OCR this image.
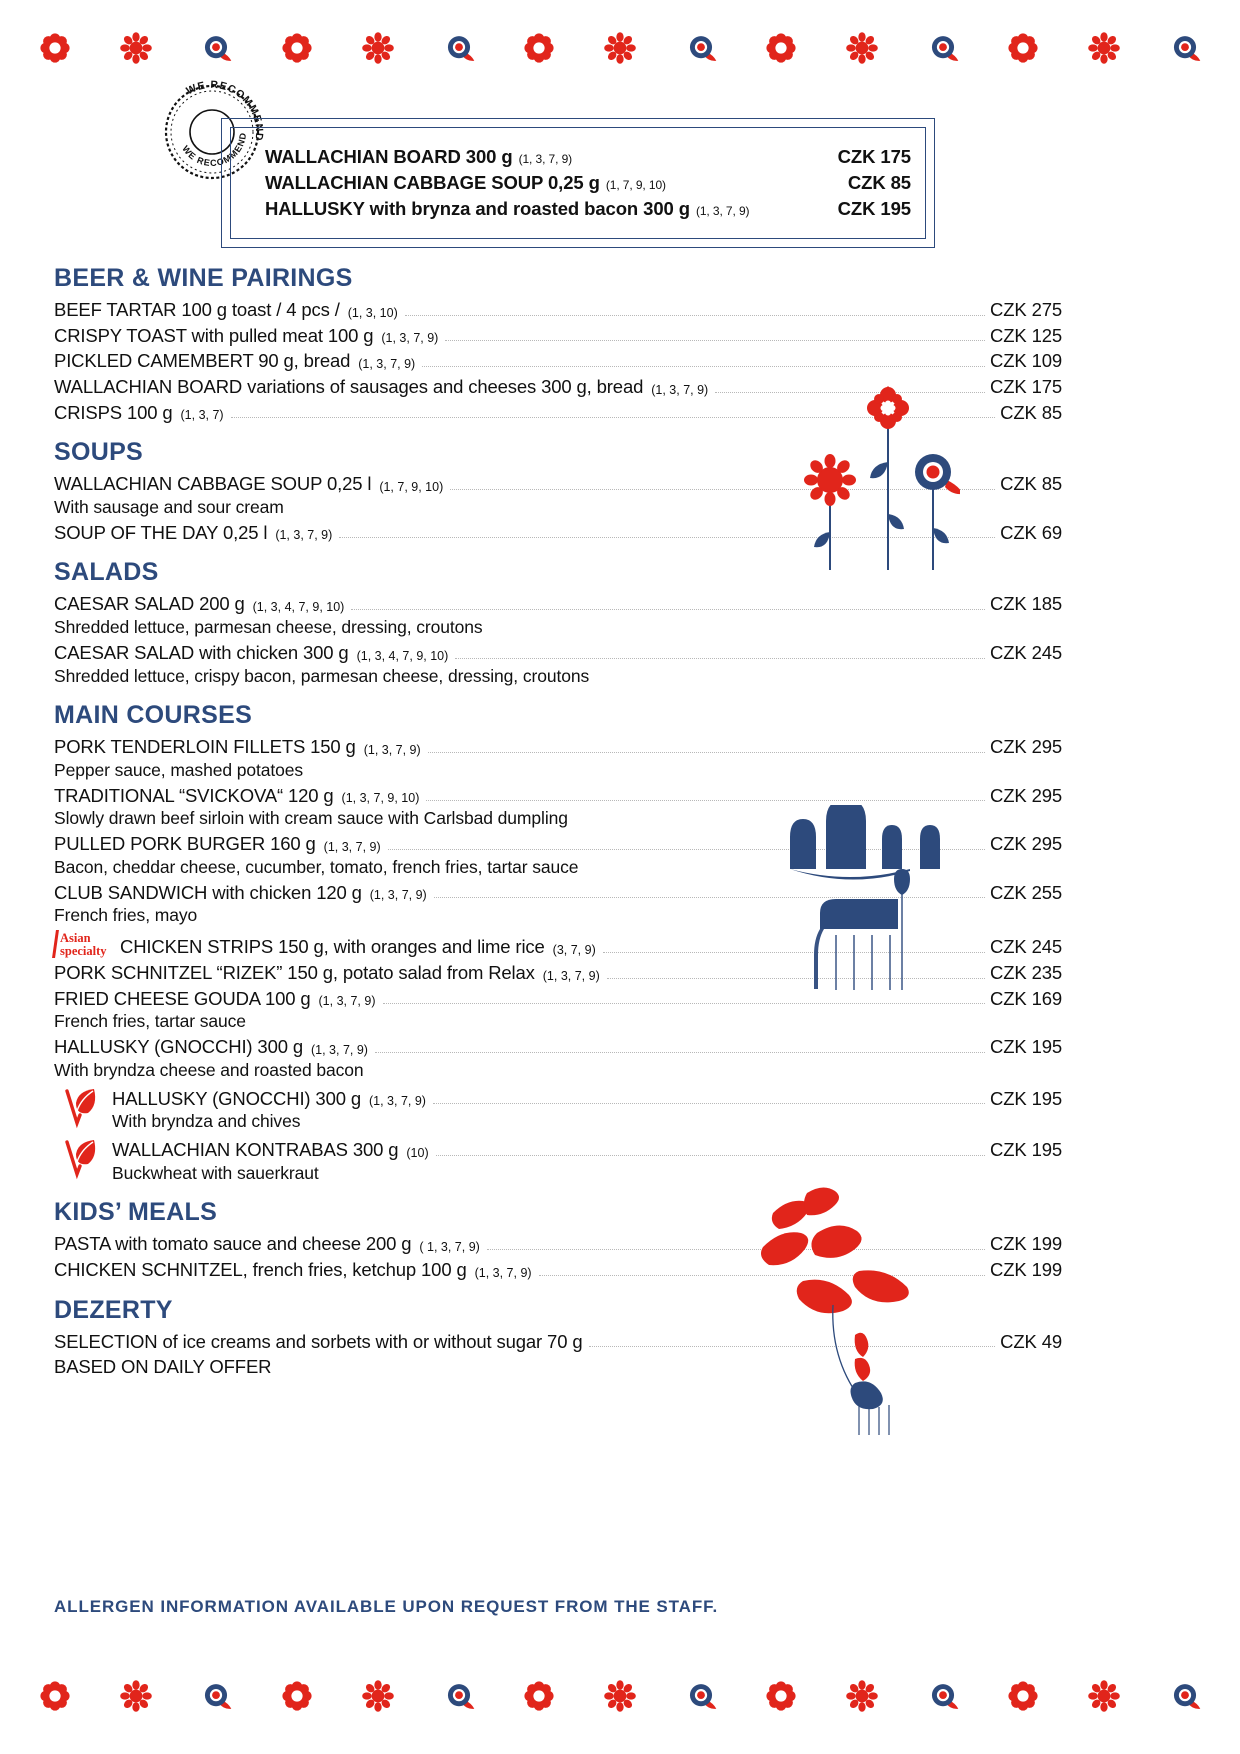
WE RECOMMEND
WE RECOMMEND
WALLACHIAN BOARD 300 g (1, 3, 7, 9)	CZK 175
WALLACHIAN CABBAGE SOUP 0,25 g (1, 7, 9, 10)	CZK 85
HALLUSKY with brynza and roasted bacon 300 g (1, 3, 7, 9)	CZK 195
BEER & WINE PAIRINGS
BEEF TARTAR 100 g toast / 4 pcs / (1, 3, 10)	CZK 275
CRISPY TOAST with pulled meat 100 g (1, 3, 7, 9)	CZK 125
PICKLED CAMEMBERT 90 g, bread (1, 3, 7, 9)	CZK 109
WALLACHIAN BOARD variations of sausages and cheeses 300 g, bread (1, 3, 7, 9)	CZK 175
CRISPS 100 g (1, 3, 7)	CZK 85
SOUPS
WALLACHIAN CABBAGE SOUP 0,25 l (1, 7, 9, 10)	CZK 85
With sausage and sour cream
SOUP OF THE DAY 0,25 l (1, 3, 7, 9)	CZK 69
SALADS
CAESAR SALAD 200 g (1, 3, 4, 7, 9, 10)	CZK 185
Shredded lettuce, parmesan cheese, dressing, croutons
CAESAR SALAD with chicken 300 g (1, 3, 4, 7, 9, 10)	CZK 245
Shredded lettuce, crispy bacon, parmesan cheese, dressing, croutons
MAIN COURSES
PORK TENDERLOIN FILLETS 150 g (1, 3, 7, 9)	CZK 295
Pepper sauce, mashed potatoes
TRADITIONAL “SVICKOVA“ 120 g (1, 3, 7, 9, 10)	CZK 295
Slowly drawn beef sirloin with cream sauce with Carlsbad dumpling
PULLED PORK BURGER 160 g (1, 3, 7, 9)	CZK 295
Bacon, cheddar cheese, cucumber, tomato, french fries, tartar sauce
CLUB SANDWICH with chicken 120 g (1, 3, 7, 9)	CZK 255
French fries, mayo
Asian
specialty CHICKEN STRIPS 150 g, with oranges and lime rice (3, 7, 9)	CZK 245
PORK SCHNITZEL “RIZEK” 150 g, potato salad from Relax (1, 3, 7, 9)	CZK 235
FRIED CHEESE GOUDA 100 g (1, 3, 7, 9)	CZK 169
French fries, tartar sauce
HALLUSKY (GNOCCHI) 300 g (1, 3, 7, 9)	CZK 195
With bryndza cheese and roasted bacon
HALLUSKY (GNOCCHI) 300 g (1, 3, 7, 9)	CZK 195
With bryndza and chives
WALLACHIAN KONTRABAS 300 g (10)	CZK 195
Buckwheat with sauerkraut
KIDS’ MEALS
PASTA with tomato sauce and cheese 200 g ( 1, 3, 7, 9)	CZK 199
CHICKEN SCHNITZEL, french fries, ketchup 100 g (1, 3, 7, 9)	CZK 199
DEZERTY
SELECTION of ice creams and sorbets with or without sugar 70 g	CZK 49
BASED ON DAILY OFFER
ALLERGEN INFORMATION AVAILABLE UPON REQUEST FROM THE STAFF.
